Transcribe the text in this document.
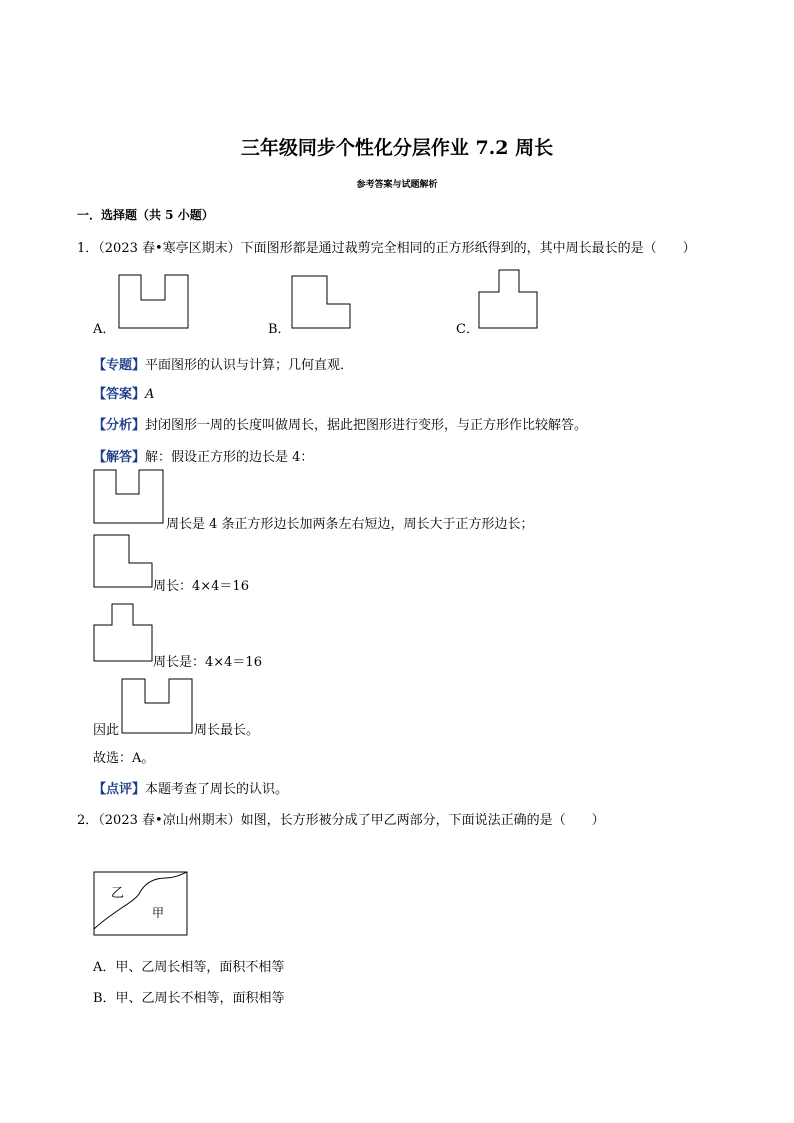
三年级同步个性化分层作业 7.2 周长
参考答案与试题解析
一．选择题（共 5 小题）
1．（2023 春•寒亭区期末）下面图形都是通过裁剪完全相同的正方形纸得到的，其中周长最长的是（　　）
A．	B．	C．
【专题】平面图形的认识与计算；几何直观．
【答案】A
【分析】封闭图形一周的长度叫做周长，据此把图形进行变形，与正方形作比较解答。
【解答】解：假设正方形的边长是 4：
周长是 4 条正方形边长加两条左右短边，周长大于正方形边长；
周长：4×4＝16
周长是：4×4＝16
因此	周长最长。
故选：A。
【点评】本题考查了周长的认识。
2．（2023 春•凉山州期末）如图，长方形被分成了甲乙两部分，下面说法正确的是（　　）
乙
甲
A．甲、乙周长相等，面积不相等
B．甲、乙周长不相等，面积相等
